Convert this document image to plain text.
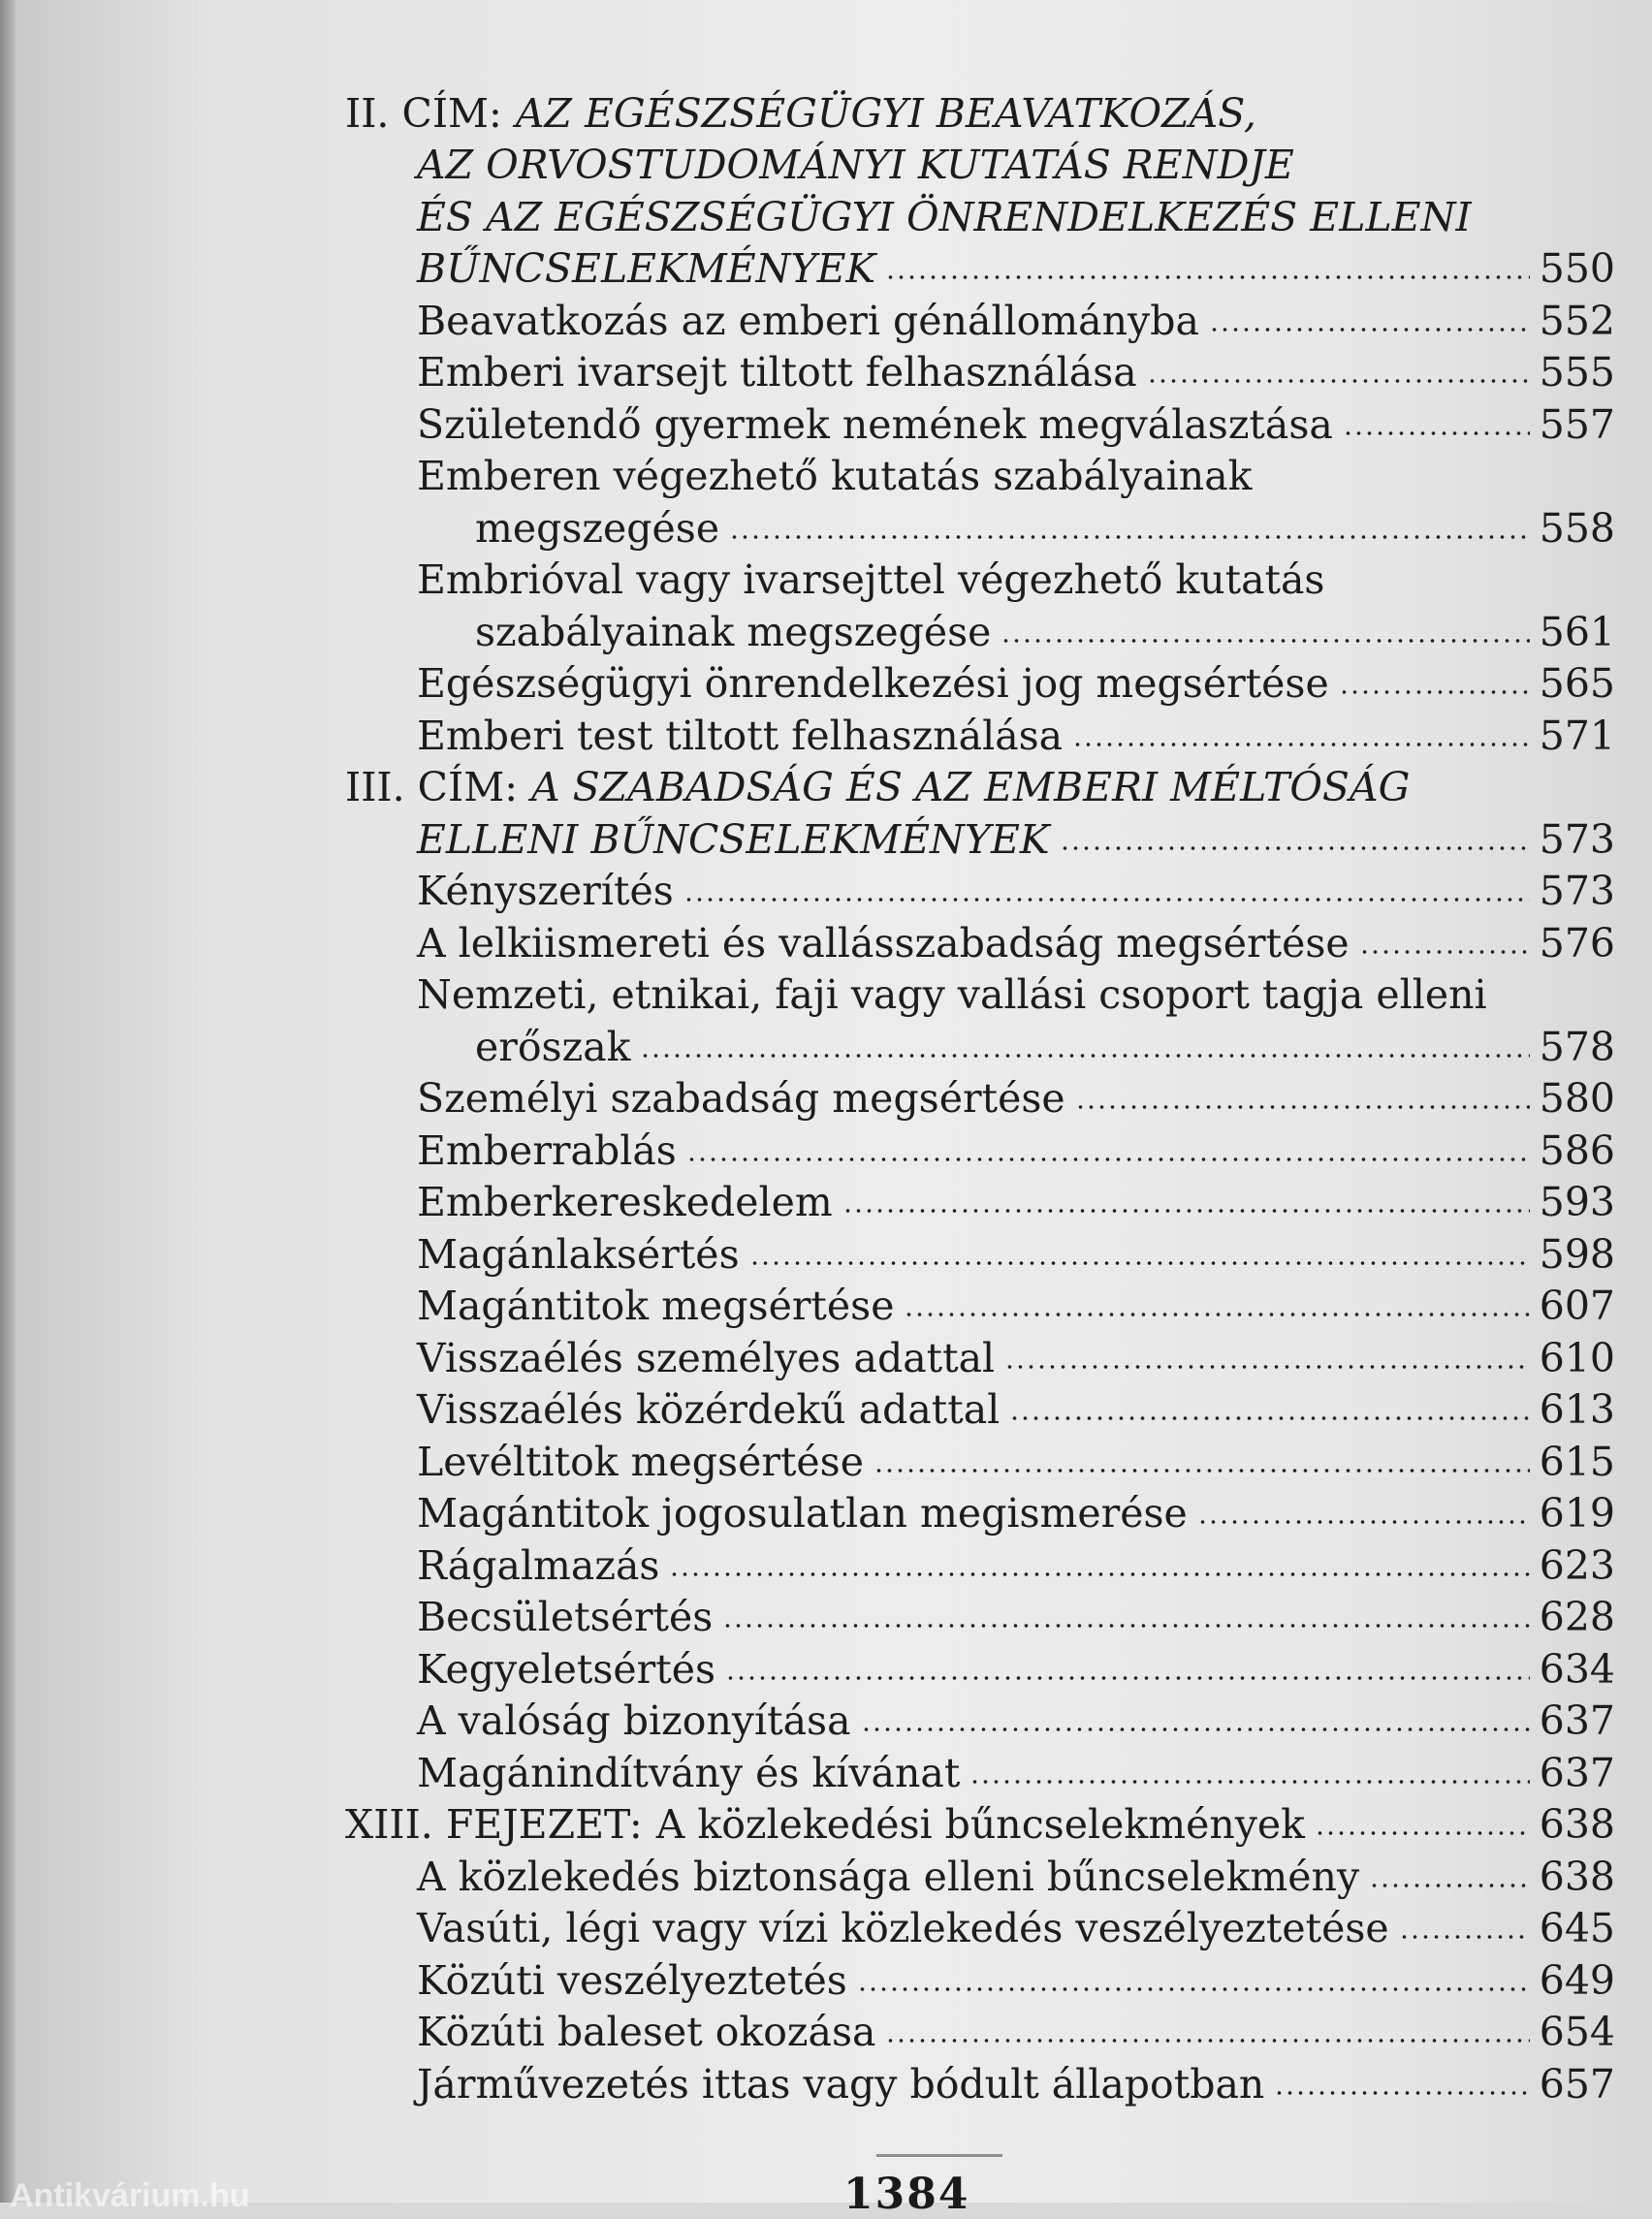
II. CÍM: AZ EGÉSZSÉGÜGYI BEAVATKOZÁS,
AZ ORVOSTUDOMÁNYI KUTATÁS RENDJE
ÉS AZ EGÉSZSÉGÜGYI ÖNRENDELKEZÉS ELLENI
BŰNCSELEKMÉNYEK	550
Beavatkozás az emberi génállományba	552
Emberi ivarsejt tiltott felhasználása	555
Születendő gyermek nemének megválasztása	557
Emberen végezhető kutatás szabályainak
megszegése	558
Embrióval vagy ivarsejttel végezhető kutatás
szabályainak megszegése	561
Egészségügyi önrendelkezési jog megsértése	565
Emberi test tiltott felhasználása	571
III. CÍM: A SZABADSÁG ÉS AZ EMBERI MÉLTÓSÁG
ELLENI BŰNCSELEKMÉNYEK	573
Kényszerítés	573
A lelkiismereti és vallásszabadság megsértése	576
Nemzeti, etnikai, faji vagy vallási csoport tagja elleni
erőszak	578
Személyi szabadság megsértése	580
Emberrablás	586
Emberkereskedelem	593
Magánlaksértés	598
Magántitok megsértése	607
Visszaélés személyes adattal	610
Visszaélés közérdekű adattal	613
Levéltitok megsértése	615
Magántitok jogosulatlan megismerése	619
Rágalmazás	623
Becsületsértés	628
Kegyeletsértés	634
A valóság bizonyítása	637
Magánindítvány és kívánat	637
XIII. FEJEZET: A közlekedési bűncselekmények	638
A közlekedés biztonsága elleni bűncselekmény	638
Vasúti, légi vagy vízi közlekedés veszélyeztetése	645
Közúti veszélyeztetés	649
Közúti baleset okozása	654
Járművezetés ittas vagy bódult állapotban	657
1384
Antikvárium.hu
